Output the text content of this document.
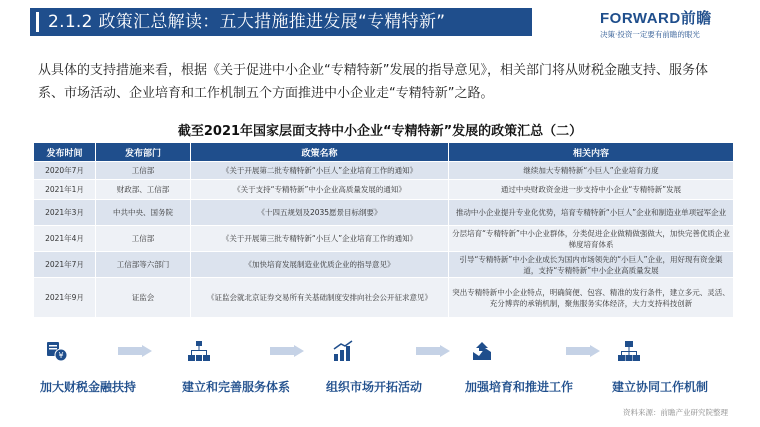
2.1.2 政策汇总解读：五大措施推进发展“专精特新”	FORWARD前瞻
决策·投资一定要有前瞻的眼光
从具体的支持措施来看，根据《关于促进中小企业“专精特新”发展的指导意见》，相关部门将从财税金融支持、服务体系、市场活动、企业培育和工作机制五个方面推进中小企业走“专精特新”之路。
截至2021年国家层面支持中小企业“专精特新”发展的政策汇总（二）
发布时间	发布部门	政策名称	相关内容
2020年7月	工信部	《关于开展第二批专精特新“小巨人”企业培育工作的通知》	继续加大专精特新“小巨人”企业培育力度
2021年1月	财政部、工信部	《关于支持“专精特新”中小企业高质量发展的通知》	通过中央财政资金进一步支持中小企业“专精特新”发展
2021年3月	中共中央、国务院	《十四五规划及2035愿景目标纲要》	推动中小企业提升专业化优势，培育专精特新“小巨人”企业和制造业单项冠军企业
2021年4月	工信部	《关于开展第三批专精特新“小巨人”企业培育工作的通知》	分层培育“专精特新”中小企业群体，分类促进企业做精做强做大，加快完善优质企业梯度培育体系
2021年7月	工信部等六部门	《加快培育发展制造业优质企业的指导意见》	引导“专精特新”中小企业成长为国内市场领先的“小巨人”企业，用好现有资金渠道，支持“专精特新”中小企业高质量发展
2021年9月	证监会	《证监会就北京证券交易所有关基础制度安排向社会公开征求意见》	突出专精特新中小企业特点，明确简便、包容、精准的发行条件，建立多元、灵活、充分博弈的承销机制，聚焦服务实体经济，大力支持科技创新
¥
加大财税金融扶持	建立和完善服务体系	组织市场开拓活动	加强培育和推进工作	建立协同工作机制
资料来源：前瞻产业研究院整理
